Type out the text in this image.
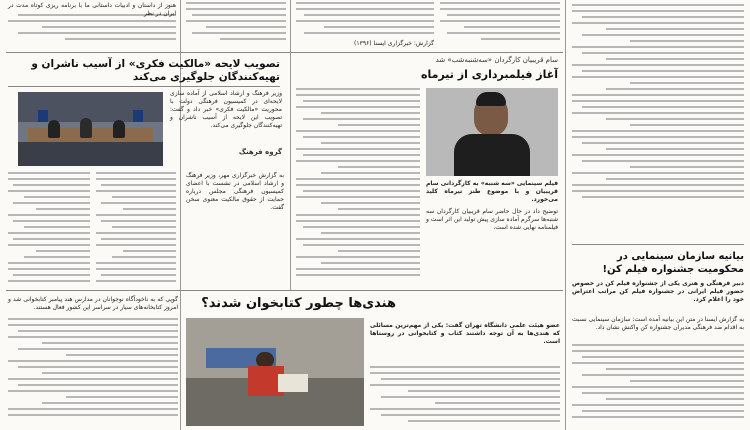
هنوز از داستان و ادبیات داستانی ما با برنامه ریزی کوتاه مدت در ایران در نظر
گزارش: خبرگزاری ایسنا (۱۳۹۶)
تصویب لایحه «مالکیت فکری» از آسیب ناشران و تهیه‌کنندگان جلوگیری می‌کند
وزیر فرهنگ و ارشاد اسلامی از آماده سازی لایحه‌ای در کمیسیون فرهنگی دولت با محوریت «مالکیت فکری» خبر داد و گفت: تصویب این لایحه از آسیب ناشران و تهیه‌کنندگان جلوگیری می‌کند.
گروه فرهنگ
به گزارش خبرگزاری مهر، وزیر فرهنگ و ارشاد اسلامی در نشست با اعضای کمیسیون فرهنگی مجلس درباره حمایت از حقوق مالکیت معنوی سخن گفت.
سام قریبیان کارگردان «سه‌شنبه‌شب» شد
آغاز فیلمبرداری از تیرماه
فیلم سینمایی «سه شنبه» به کارگردانی سام قریبیان و با موضوع طنز تیرماه کلید می‌خورد.
توضیح داد در حال حاضر سام قریبیان کارگردان سه شنبه‌ها سرگرم آماده سازی پیش تولید این اثر است و فیلمنامه نهایی شده است.
هندی‌ها چطور کتابخوان شدند؟
عضو هیئت علمی دانشگاه تهران گفت: یکی از مهم‌ترین مسائلی که هندی‌ها به آن توجه داشتند کتاب و کتابخوانی در روستاها است.
گوپی که به ناخودآگاه نوجوانان در مدارس هند پیامبر کتابخوانی شد و امروز کتابخانه‌های سیار در سراسر این کشور فعال هستند.
بیانیه سازمان سینمایی در محکومیت جشنواره فیلم کن!
دبیر فرهنگی و هنری یکی از جشنواره فیلم کن در خصوص حضور فیلم ایرانی در جشنواره فیلم کن مراتب اعتراض خود را اعلام کرد.
به گزارش ایسنا در متن این بیانیه آمده است: سازمان سینمایی نسبت به اقدام ضد فرهنگی مدیران جشنواره کن واکنش نشان داد.
